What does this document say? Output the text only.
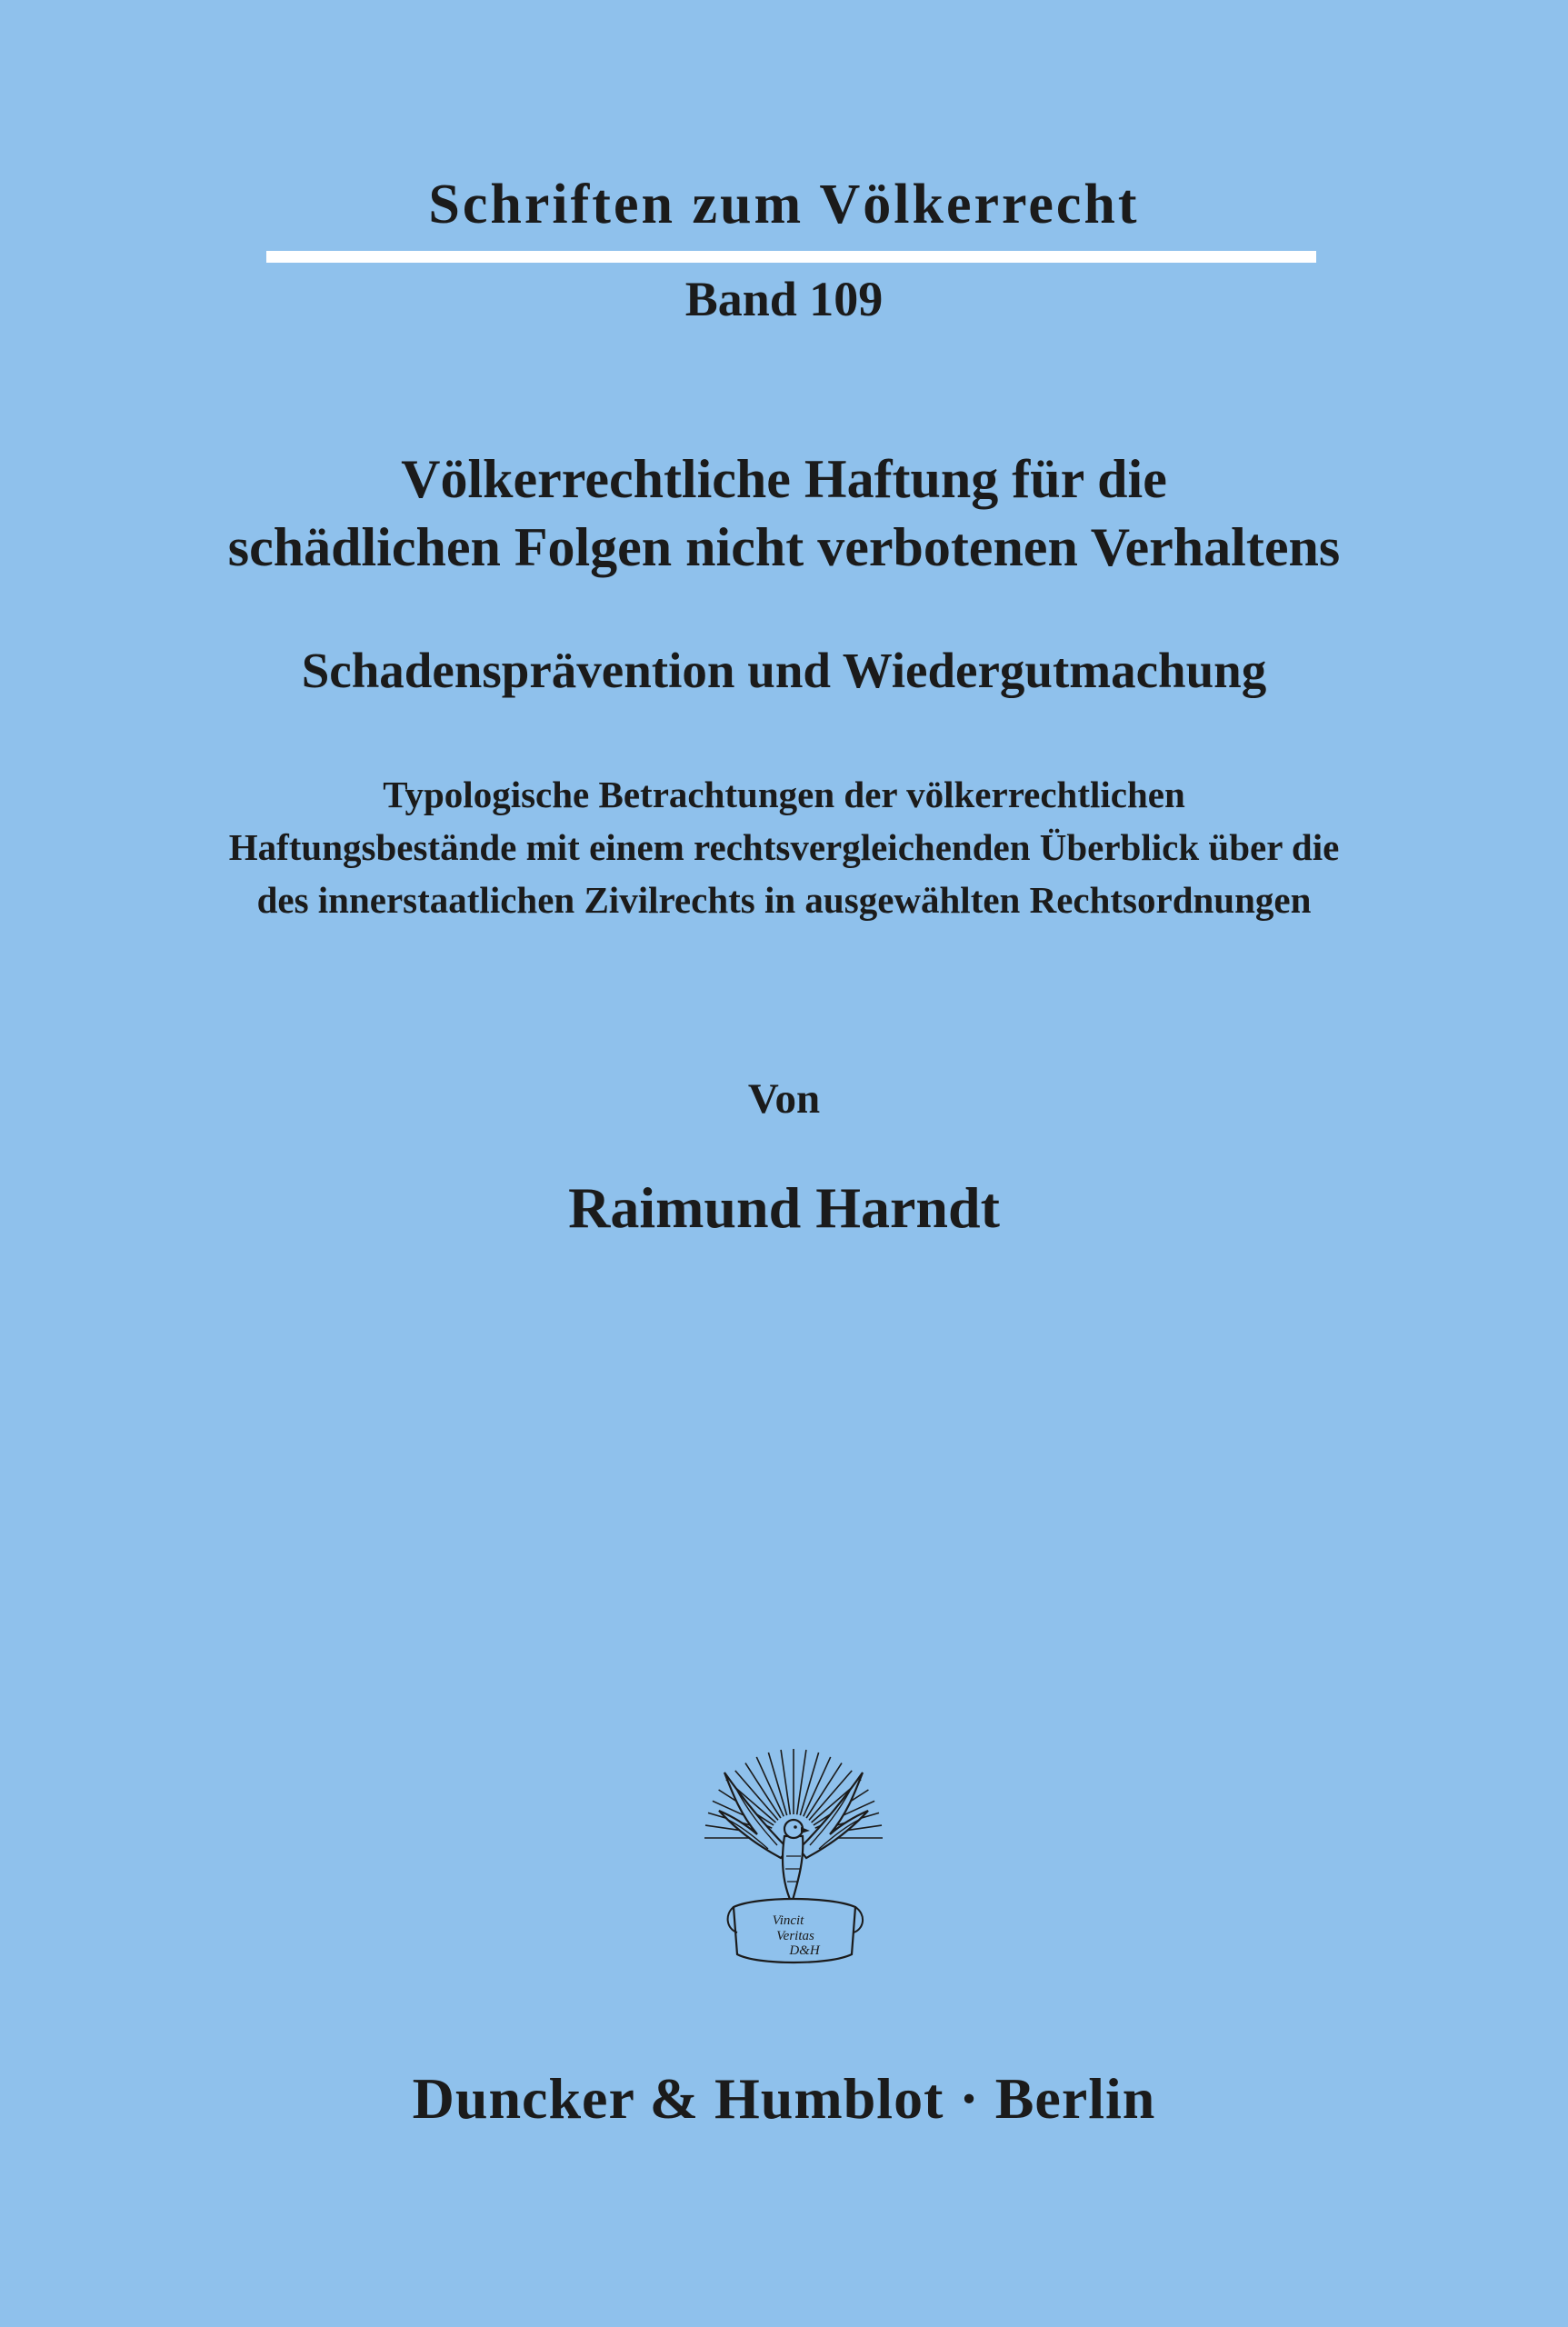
Schriften zum Völkerrecht
Band 109
Völkerrechtliche Haftung für die
schädlichen Folgen nicht verbotenen Verhaltens
Schadensprävention und Wiedergutmachung
Typologische Betrachtungen der völkerrechtlichen
Haftungsbestände mit einem rechtsvergleichenden Überblick über die
des innerstaatlichen Zivilrechts in ausgewählten Rechtsordnungen
Von
Raimund Harndt
Vincit
Veritas
D&H
Duncker & Humblot · Berlin
